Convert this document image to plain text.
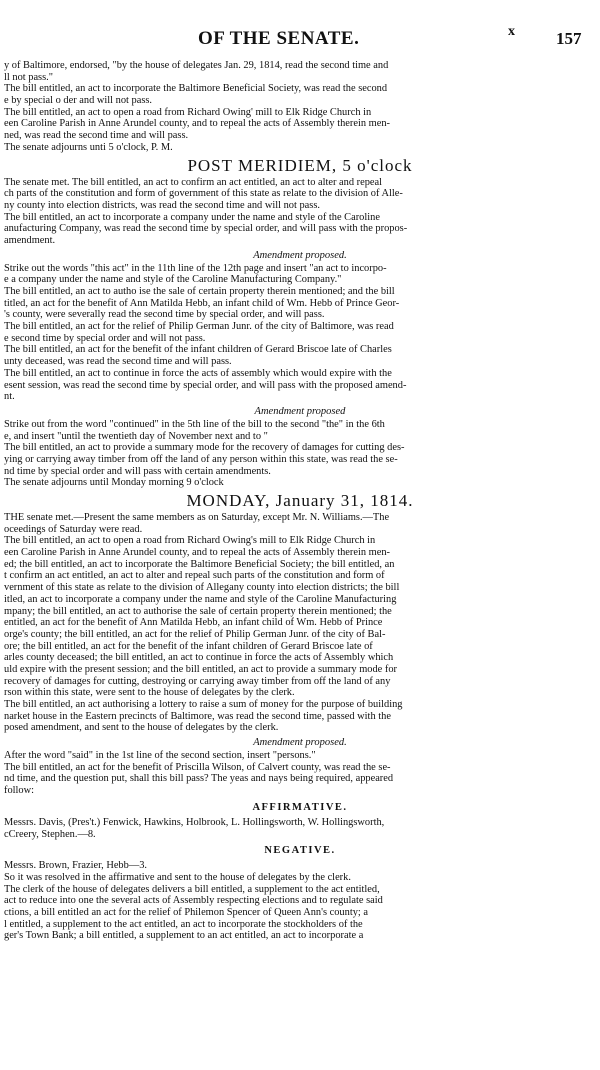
OF THE SENATE.	x 157
y of Baltimore, endorsed, "by the house of delegates Jan. 29, 1814, read the second time and
ll not pass."
The bill entitled, an act to incorporate the Baltimore Beneficial Society, was read the second
e by special o der and will not pass.
The bill entitled, an act to open a road from Richard Owing' mill to Elk Ridge Church in
een Caroline Parish in Anne Arundel county, and to repeal the acts of Assembly therein men-
ned, was read the second time and will pass.
The senate adjourns unti 5 o'clock, P. M.
POST MERIDIEM, 5 o'clock
The senate met. The bill entitled, an act to confirm an act entitled, an act to alter and repeal
ch parts of the constitution and form of government of this state as relate to the division of Alle-
ny county into election districts, was read the second time and will not pass.
The bill entitled, an act to incorporate a company under the name and style of the Caroline
anufacturing Company, was read the second time by special order, and will pass with the propos-
amendment.
Amendment proposed.
Strike out the words "this act" in the 11th line of the 12th page and insert "an act to incorpo-
e a company under the name and style of the Caroline Manufacturing Company."
The bill entitled, an act to autho ise the sale of certain property therein mentioned; and the bill
titled, an act for the benefit of Ann Matilda Hebb, an infant child of Wm. Hebb of Prince Geor-
's county, were severally read the second time by special order, and will pass.
The bill entitled, an act for the relief of Philip German Junr. of the city of Baltimore, was read
e second time by special order and will not pass.
The bill entitled, an act for the benefit of the infant children of Gerard Briscoe late of Charles
unty deceased, was read the second time and will pass.
The bill entitled, an act to continue in force the acts of assembly which would expire with the
esent session, was read the second time by special order, and will pass with the proposed amend-
nt.
Amendment proposed
Strike out from the word "continued" in the 5th line of the bill to the second "the" in the 6th
e, and insert "until the twentieth day of November next and to "
The bill entitled, an act to provide a summary mode for the recovery of damages for cutting des-
ying or carrying away timber from off the land of any person within this state, was read the se-
nd time by special order and will pass with certain amendments.
The senate adjourns until Monday morning 9 o'clock
MONDAY, January 31, 1814.
THE senate met.—Present the same members as on Saturday, except Mr. N. Williams.—The
oceedings of Saturday were read.
The bill entitled, an act to open a road from Richard Owing's mill to Elk Ridge Church in
een Caroline Parish in Anne Arundel county, and to repeal the acts of Assembly therein men-
ed; the bill entitled, an act to incorporate the Baltimore Beneficial Society; the bill entitled, an
t confirm an act entitled, an act to alter and repeal such parts of the constitution and form of
vernment of this state as relate to the division of Allegany county into election districts; the bill
itled, an act to incorporate a company under the name and style of the Caroline Manufacturing
mpany; the bill entitled, an act to authorise the sale of certain property therein mentioned; the
entitled, an act for the benefit of Ann Matilda Hebb, an infant child of Wm. Hebb of Prince
orge's county; the bill entitled, an act for the relief of Philip German Junr. of the city of Bal-
ore; the bill entitled, an act for the benefit of the infant children of Gerard Briscoe late of
arles county deceased; the bill entitled, an act to continue in force the acts of Assembly which
uld expire with the present session; and the bill entitled, an act to provide a summary mode for
recovery of damages for cutting, destroying or carrying away timber from off the land of any
rson within this state, were sent to the house of delegates by the clerk.
The bill entitled, an act authorising a lottery to raise a sum of money for the purpose of building
narket house in the Eastern precincts of Baltimore, was read the second time, passed with the
posed amendment, and sent to the house of delegates by the clerk.
Amendment proposed.
After the word "said" in the 1st line of the second section, insert "persons."
The bill entitled, an act for the benefit of Priscilla Wilson, of Calvert county, was read the se-
nd time, and the question put, shall this bill pass? The yeas and nays being required, appeared
follow:
AFFIRMATIVE.
Messrs. Davis, (Pres't.) Fenwick, Hawkins, Holbrook, L. Hollingsworth, W. Hollingsworth,
cCreery, Stephen.—8.
NEGATIVE.
Messrs. Brown, Frazier, Hebb—3.
So it was resolved in the affirmative and sent to the house of delegates by the clerk.
The clerk of the house of delegates delivers a bill entitled, a supplement to the act entitled,
act to reduce into one the several acts of Assembly respecting elections and to regulate said
ctions, a bill entitled an act for the relief of Philemon Spencer of Queen Ann's county; a
l entitled, a supplement to the act entitled, an act to incorporate the stockholders of the
ger's Town Bank; a bill entitled, a supplement to an act entitled, an act to incorporate a
